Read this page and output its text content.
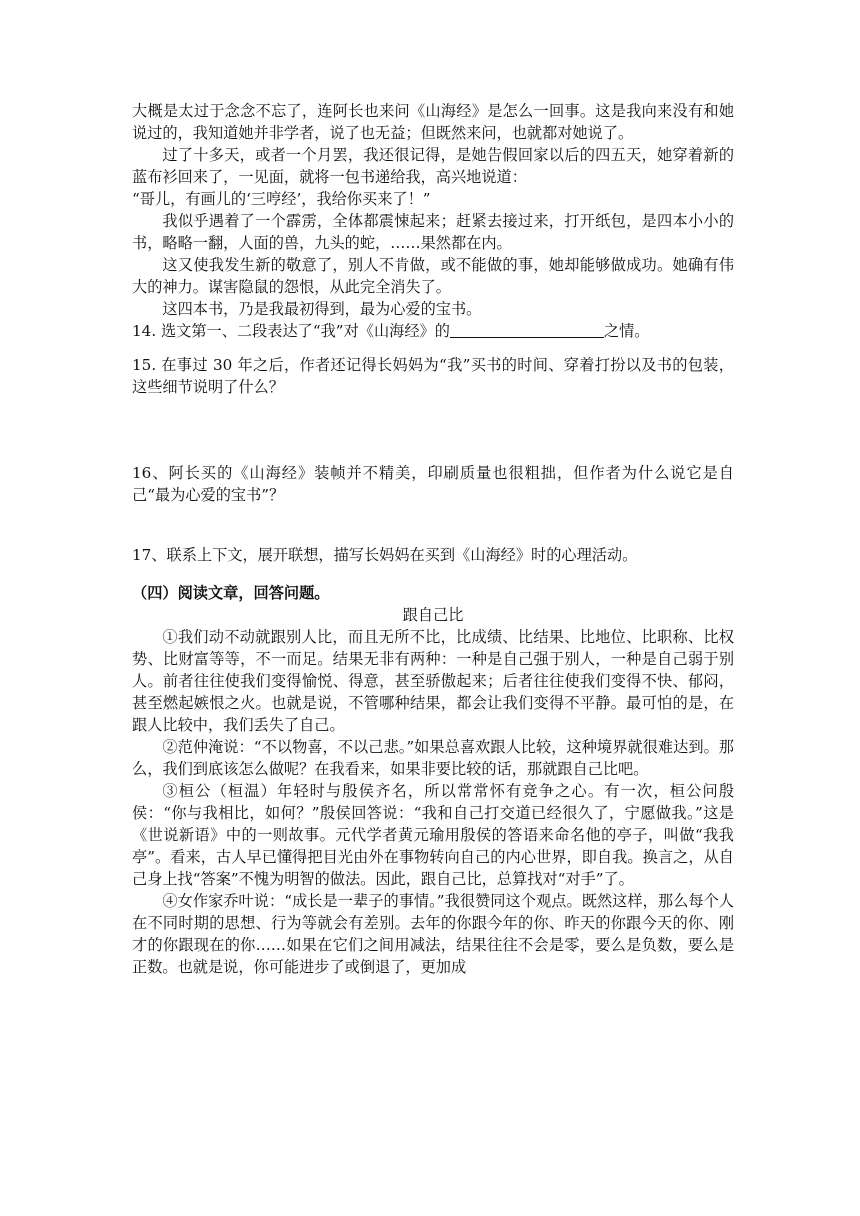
大概是太过于念念不忘了，连阿长也来问《山海经》是怎么一回事。这是我向来没有和她说过的，我知道她并非学者，说了也无益；但既然来问，也就都对她说了。

过了十多天，或者一个月罢，我还很记得，是她告假回家以后的四五天，她穿着新的蓝布衫回来了，一见面，就将一包书递给我，高兴地说道：

“哥儿，有画儿的‘三哼经’，我给你买来了！”

我似乎遇着了一个霹雳，全体都震悚起来；赶紧去接过来，打开纸包，是四本小小的书，略略一翻，人面的兽，九头的蛇，……果然都在内。

这又使我发生新的敬意了，别人不肯做，或不能做的事，她却能够做成功。她确有伟大的神力。谋害隐鼠的怨恨，从此完全消失了。

这四本书，乃是我最初得到，最为心爱的宝书。

14. 选文第一、二段表达了“我”对《山海经》的	之情。

15. 在事过 30 年之后，作者还记得长妈妈为“我”买书的时间、穿着打扮以及书的包装，这些细节说明了什么？

16、阿长买的《山海经》装帧并不精美，印刷质量也很粗拙，但作者为什么说它是自己“最为心爱的宝书”？

17、联系上下文，展开联想，描写长妈妈在买到《山海经》时的心理活动。

（四）阅读文章，回答问题。

跟自己比

①我们动不动就跟别人比，而且无所不比，比成绩、比结果、比地位、比职称、比权势、比财富等等，不一而足。结果无非有两种：一种是自己强于别人，一种是自己弱于别人。前者往往使我们变得愉悦、得意，甚至骄傲起来；后者往往使我们变得不快、郁闷，甚至燃起嫉恨之火。也就是说，不管哪种结果，都会让我们变得不平静。最可怕的是，在跟人比较中，我们丢失了自己。

②范仲淹说：“不以物喜，不以己悲。”如果总喜欢跟人比较，这种境界就很难达到。那么，我们到底该怎么做呢？在我看来，如果非要比较的话，那就跟自己比吧。

③桓公（桓温）年轻时与殷侯齐名，所以常常怀有竞争之心。有一次，桓公问殷侯：“你与我相比，如何？”殷侯回答说：“我和自己打交道已经很久了，宁愿做我。”这是《世说新语》中的一则故事。元代学者黄元瑜用殷侯的答语来命名他的亭子，叫做“我我亭”。看来，古人早已懂得把目光由外在事物转向自己的内心世界，即自我。换言之，从自己身上找“答案”不愧为明智的做法。因此，跟自己比，总算找对“对手”了。

④女作家乔叶说：“成长是一辈子的事情。”我很赞同这个观点。既然这样，那么每个人在不同时期的思想、行为等就会有差别。去年的你跟今年的你、昨天的你跟今天的你、刚才的你跟现在的你……如果在它们之间用减法，结果往往不会是零，要么是负数，要么是正数。也就是说，你可能进步了或倒退了，更加成
